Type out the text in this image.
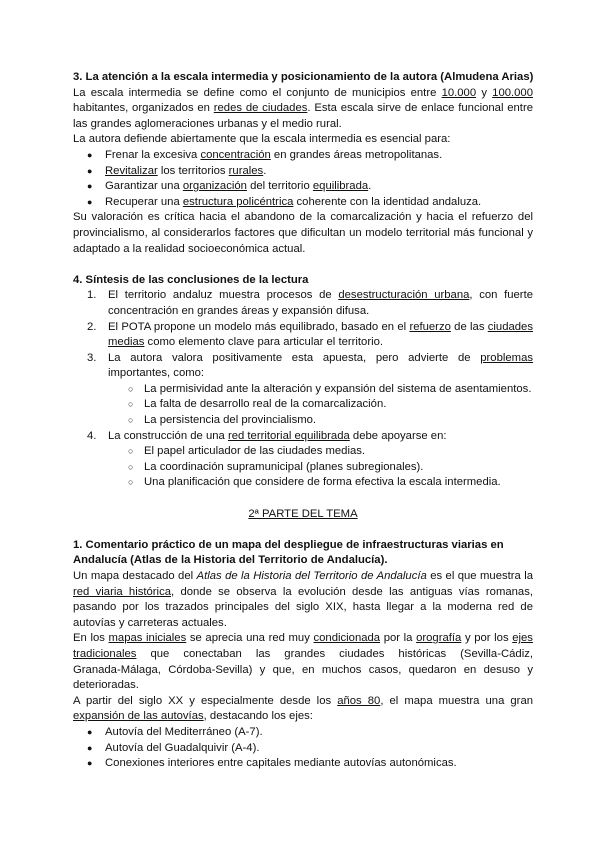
3. La atención a la escala intermedia y posicionamiento de la autora (Almudena Arias)
La escala intermedia se define como el conjunto de municipios entre 10.000 y 100.000
habitantes, organizados en redes de ciudades. Esta escala sirve de enlace funcional entre
las grandes aglomeraciones urbanas y el medio rural.
La autora defiende abiertamente que la escala intermedia es esencial para:
● Frenar la excesiva concentración en grandes áreas metropolitanas.
● Revitalizar los territorios rurales.
● Garantizar una organización del territorio equilibrada.
● Recuperar una estructura policéntrica coherente con la identidad andaluza.
Su valoración es crítica hacia el abandono de la comarcalización y hacia el refuerzo del
provincialismo, al considerarlos factores que dificultan un modelo territorial más funcional y
adaptado a la realidad socioeconómica actual.
4. Síntesis de las conclusiones de la lectura
1. El territorio andaluz muestra procesos de desestructuración urbana, con fuerte
concentración en grandes áreas y expansión difusa.
2. El POTA propone un modelo más equilibrado, basado en el refuerzo de las ciudades
medias como elemento clave para articular el territorio.
3. La autora valora positivamente esta apuesta, pero advierte de problemas
importantes, como:
○ La permisividad ante la alteración y expansión del sistema de asentamientos.
○ La falta de desarrollo real de la comarcalización.
○ La persistencia del provincialismo.
4. La construcción de una red territorial equilibrada debe apoyarse en:
○ El papel articulador de las ciudades medias.
○ La coordinación supramunicipal (planes subregionales).
○ Una planificación que considere de forma efectiva la escala intermedia.
2ª PARTE DEL TEMA
1. Comentario práctico de un mapa del despliegue de infraestructuras viarias en
Andalucía (Atlas de la Historia del Territorio de Andalucía).
Un mapa destacado del Atlas de la Historia del Territorio de Andalucía es el que muestra la
red viaria histórica, donde se observa la evolución desde las antiguas vías romanas,
pasando por los trazados principales del siglo XIX, hasta llegar a la moderna red de
autovías y carreteras actuales.
En los mapas iniciales se aprecia una red muy condicionada por la orografía y por los ejes
tradicionales que conectaban las grandes ciudades históricas (Sevilla-Cádiz,
Granada-Málaga, Córdoba-Sevilla) y que, en muchos casos, quedaron en desuso y
deterioradas.
A partir del siglo XX y especialmente desde los años 80, el mapa muestra una gran
expansión de las autovías, destacando los ejes:
● Autovía del Mediterráneo (A-7).
● Autovía del Guadalquivir (A-4).
● Conexiones interiores entre capitales mediante autovías autonómicas.
